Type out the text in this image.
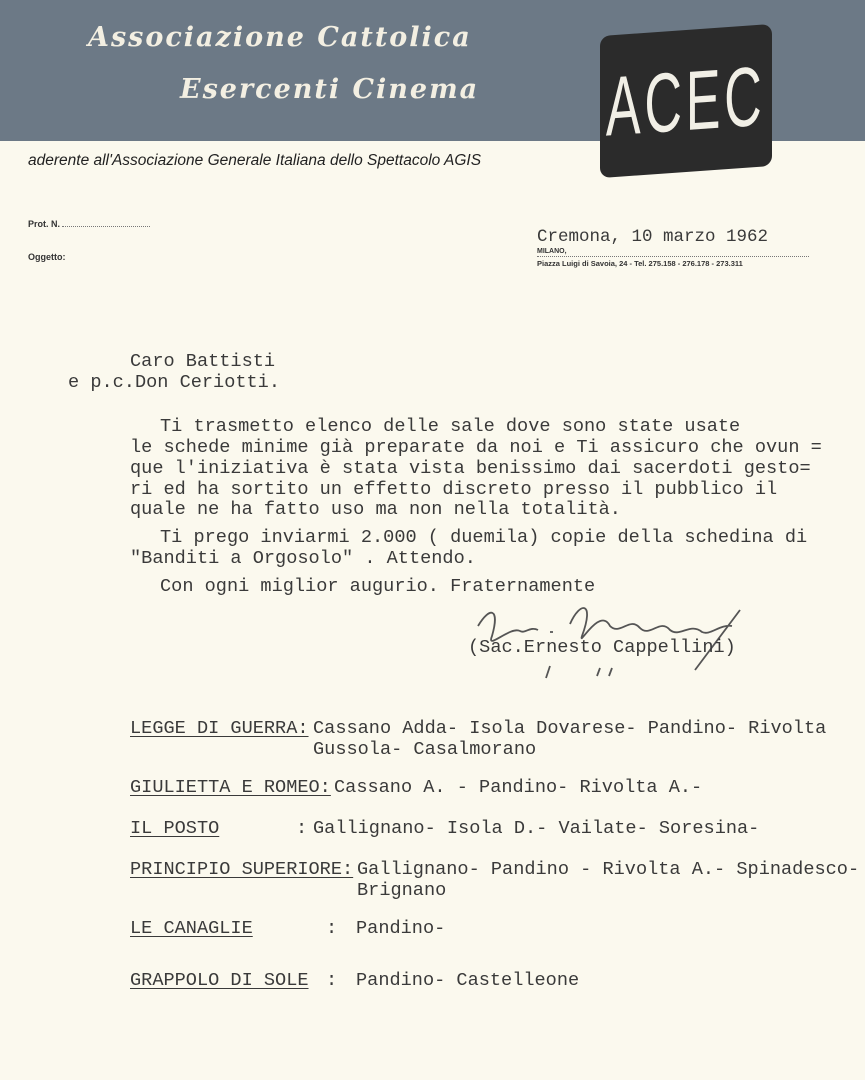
Associazione Cattolica
Esercenti Cinema ACEC
aderente all'Associazione Generale Italiana dello Spettacolo AGIS
Prot. N.
Oggetto:
Cremona, 10 marzo 1962
MILANO,
Piazza Luigi di Savoia, 24 - Tel. 275.158 - 276.178 - 273.311
Caro Battisti
e p.c.Don Ceriotti.
Ti trasmetto elenco delle sale dove sono state usate
le schede minime già preparate da noi e Ti assicuro che ovun =
que l'iniziativa è stata vista benissimo dai sacerdoti gesto=
ri ed ha sortito un effetto discreto presso il pubblico il
quale ne ha fatto uso ma non nella totalità.
Ti prego inviarmi 2.000 ( duemila) copie della schedina di
"Banditi a Orgosolo" . Attendo.
Con ogni miglior augurio. Fraternamente
(Sac.Ernesto Cappellini)
LEGGE DI GUERRA: Cassano Adda- Isola Dovarese- Pandino- Rivolta
Gussola- Casalmorano
GIULIETTA E ROMEO: Cassano A. - Pandino- Rivolta A.-
IL POSTO	: Gallignano- Isola D.- Vailate- Soresina-
PRINCIPIO SUPERIORE: Gallignano- Pandino - Rivolta A.- Spinadesco-
Brignano
LE CANAGLIE	: Pandino-
GRAPPOLO DI SOLE : Pandino- Castelleone
